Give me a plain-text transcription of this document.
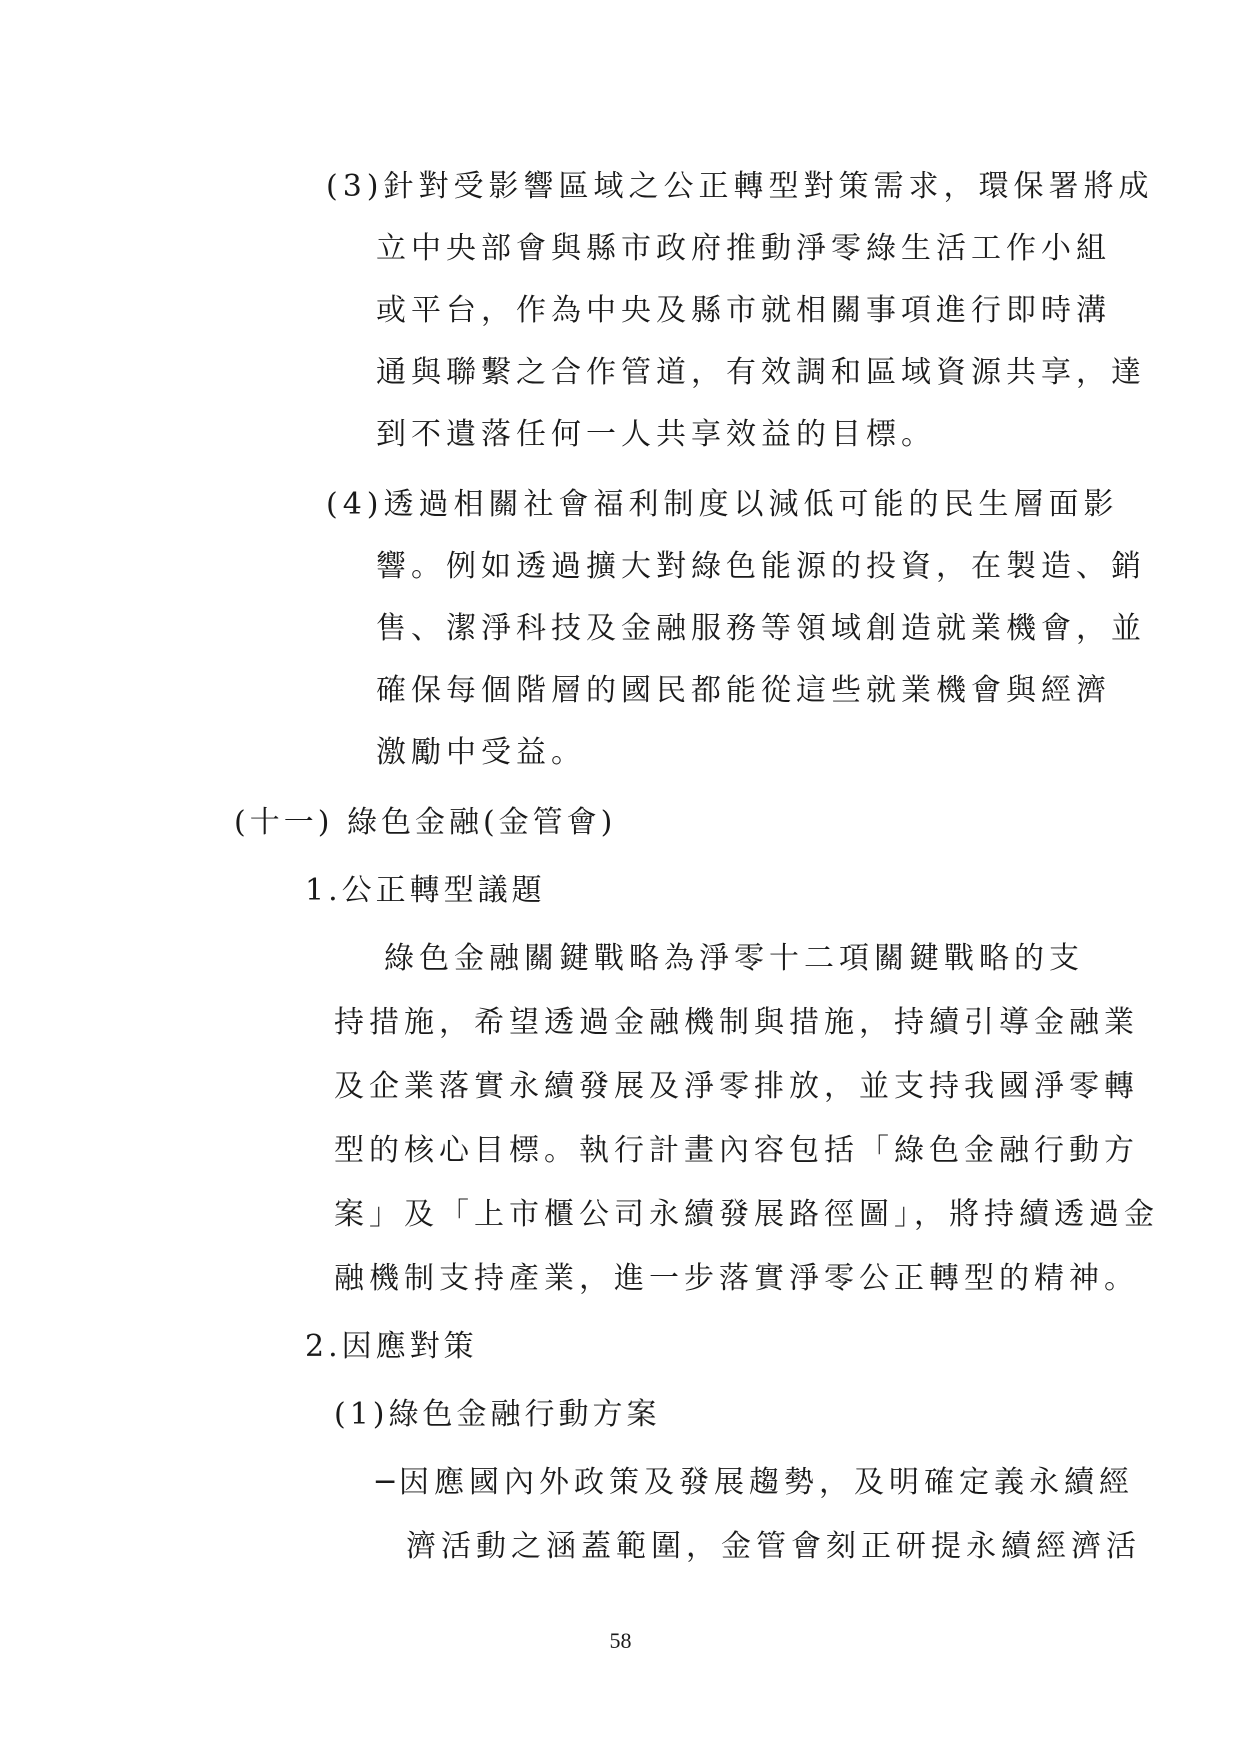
(3)針對受影響區域之公正轉型對策需求，環保署將成
立中央部會與縣市政府推動淨零綠生活工作小組
或平台，作為中央及縣市就相關事項進行即時溝
通與聯繫之合作管道，有效調和區域資源共享，達
到不遺落任何一人共享效益的目標。
(4)透過相關社會福利制度以減低可能的民生層面影
響。例如透過擴大對綠色能源的投資，在製造、銷
售、潔淨科技及金融服務等領域創造就業機會，並
確保每個階層的國民都能從這些就業機會與經濟
激勵中受益。
(十一) 綠色金融(金管會)
1.公正轉型議題
綠色金融關鍵戰略為淨零十二項關鍵戰略的支
持措施，希望透過金融機制與措施，持續引導金融業
及企業落實永續發展及淨零排放，並支持我國淨零轉
型的核心目標。執行計畫內容包括「綠色金融行動方
案」及「上市櫃公司永續發展路徑圖」，將持續透過金
融機制支持產業，進一步落實淨零公正轉型的精神。
2.因應對策
(1)綠色金融行動方案
─因應國內外政策及發展趨勢，及明確定義永續經
濟活動之涵蓋範圍，金管會刻正研提永續經濟活
58
